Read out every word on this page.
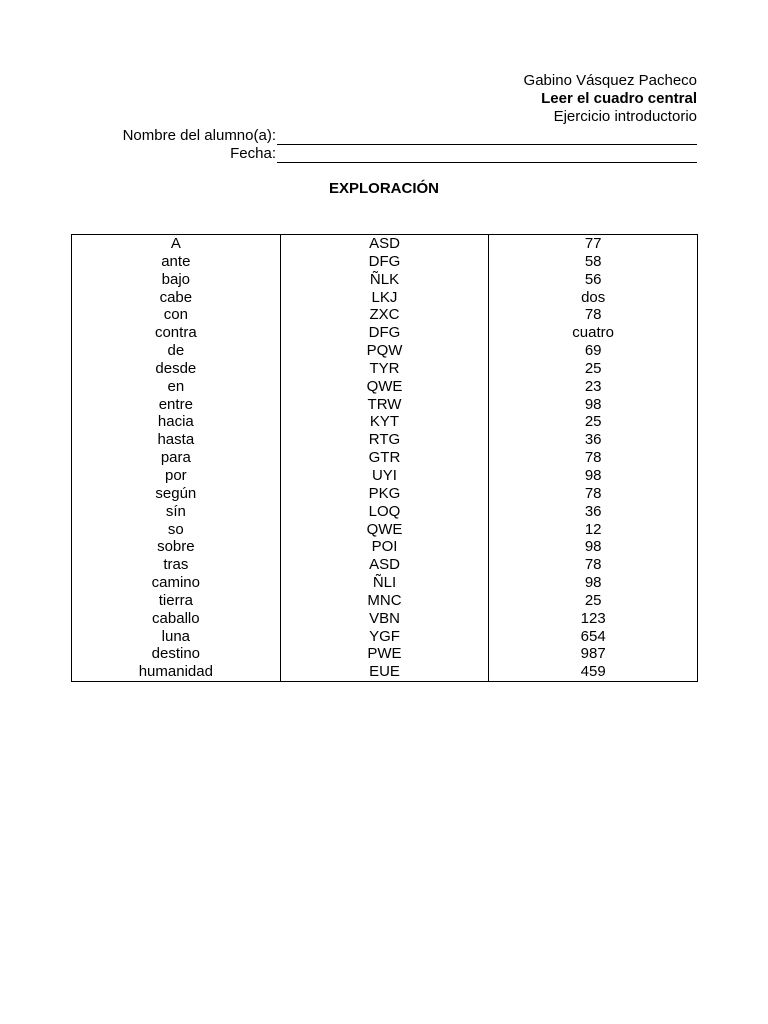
Gabino Vásquez Pacheco
Leer el cuadro central
Ejercicio introductorio
Nombre del alumno(a):
Fecha:
EXPLORACIÓN
A	ASD	77
ante	DFG	58
bajo	ÑLK	56
cabe	LKJ	dos
con	ZXC	78
contra	DFG	cuatro
de	PQW	69
desde	TYR	25
en	QWE	23
entre	TRW	98
hacia	KYT	25
hasta	RTG	36
para	GTR	78
por	UYI	98
según	PKG	78
sín	LOQ	36
so	QWE	12
sobre	POI	98
tras	ASD	78
camino	ÑLI	98
tierra	MNC	25
caballo	VBN	123
luna	YGF	654
destino	PWE	987
humanidad	EUE	459
